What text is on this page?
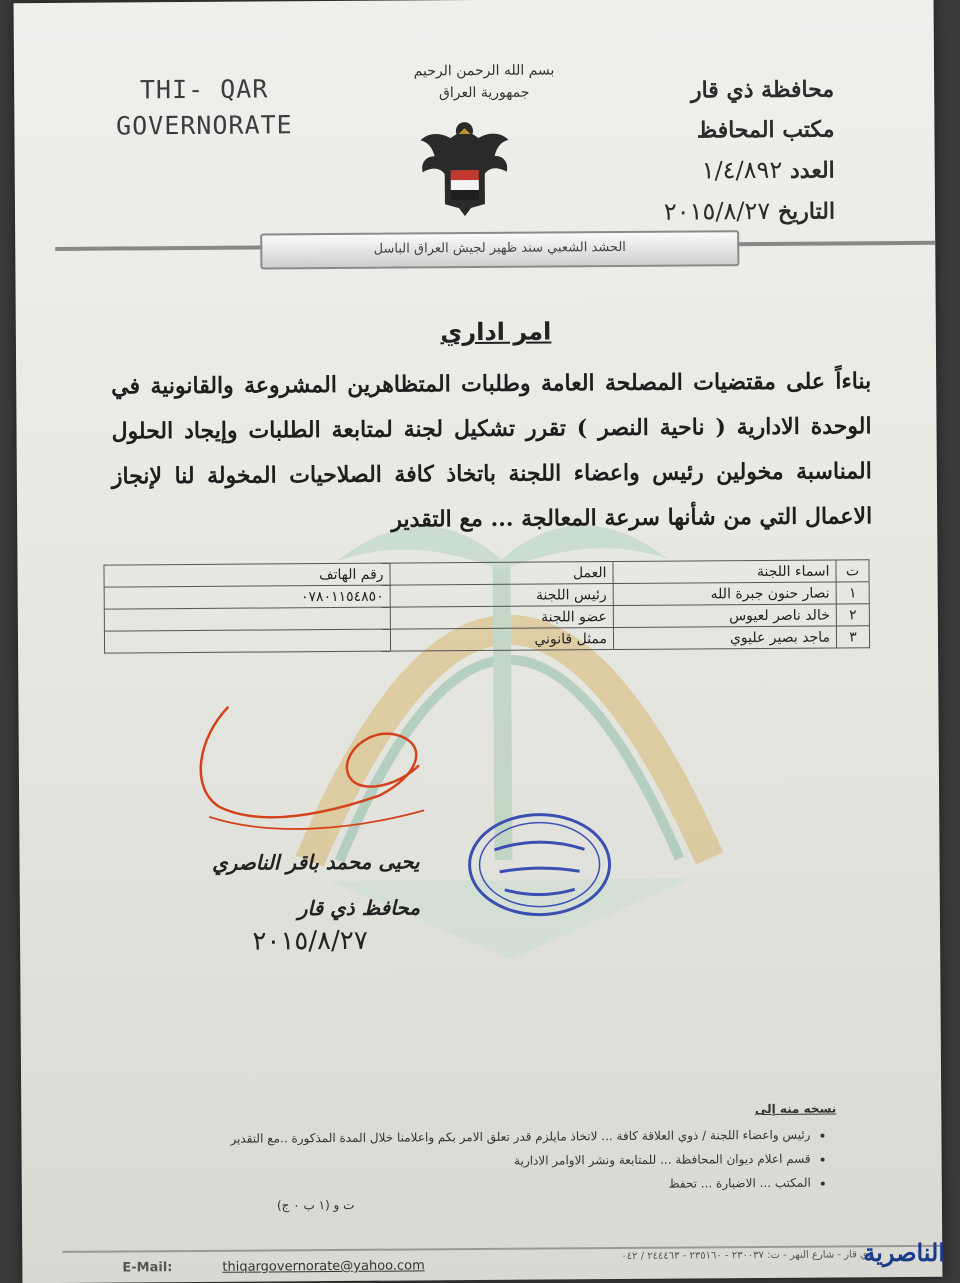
THI- QAR
GOVERNORATE
بسم الله الرحمن الرحيم
جمهورية العراق	محافظة ذي قار
مكتب المحافظ
العدد ١/٤/٨٩٢
التاريخ ٢٠١٥/٨/٢٧
الحشد الشعبي سند ظهير لجيش العراق الباسل
امر اداري
بناءاً على مقتضيات المصلحة العامة وطلبات المتظاهرين المشروعة والقانونية في الوحدة الادارية ( ناحية النصر ) تقرر تشكيل لجنة لمتابعة الطلبات وإيجاد الحلول المناسبة مخولين رئيس واعضاء اللجنة باتخاذ كافة الصلاحيات المخولة لنا لإنجاز الاعمال التي من شأنها سرعة المعالجة ... مع التقدير
ت	اسماء اللجنة	العمل	رقم الهاتف
١	نصار حنون جبرة الله	رئيس اللجنة	٠٧٨٠١١٥٤٨٥٠
٢	خالد ناصر لعيوس	عضو اللجنة	
٣	ماجد بصير عليوي	ممثل قانوني	
يحيى محمد باقر الناصري
محافظ ذي قار
٢٠١٥/٨/٢٧
نسخه منه إلى
• رئيس واعضاء اللجنة / ذوي العلاقة كافة ... لاتخاذ مايلزم قدر تعلق الامر بكم واعلامنا خلال المدة المذكورة ..مع التقدير
• قسم اعلام ديوان المحافظة ... للمتابعة ونشر الاوامر الادارية
• المكتب ... الاضبارة ... تحفظ
ت و (١ ب ٠ ج)
ذي قار - شارع النهر - ت: ٢٣٠٠٣٧ - ٢٣٥١٦٠ - ٢٤٤٤٦٣ / ٠٤٢
E-Mail:	thiqargovernorate@yahoo.com	الناصرية
